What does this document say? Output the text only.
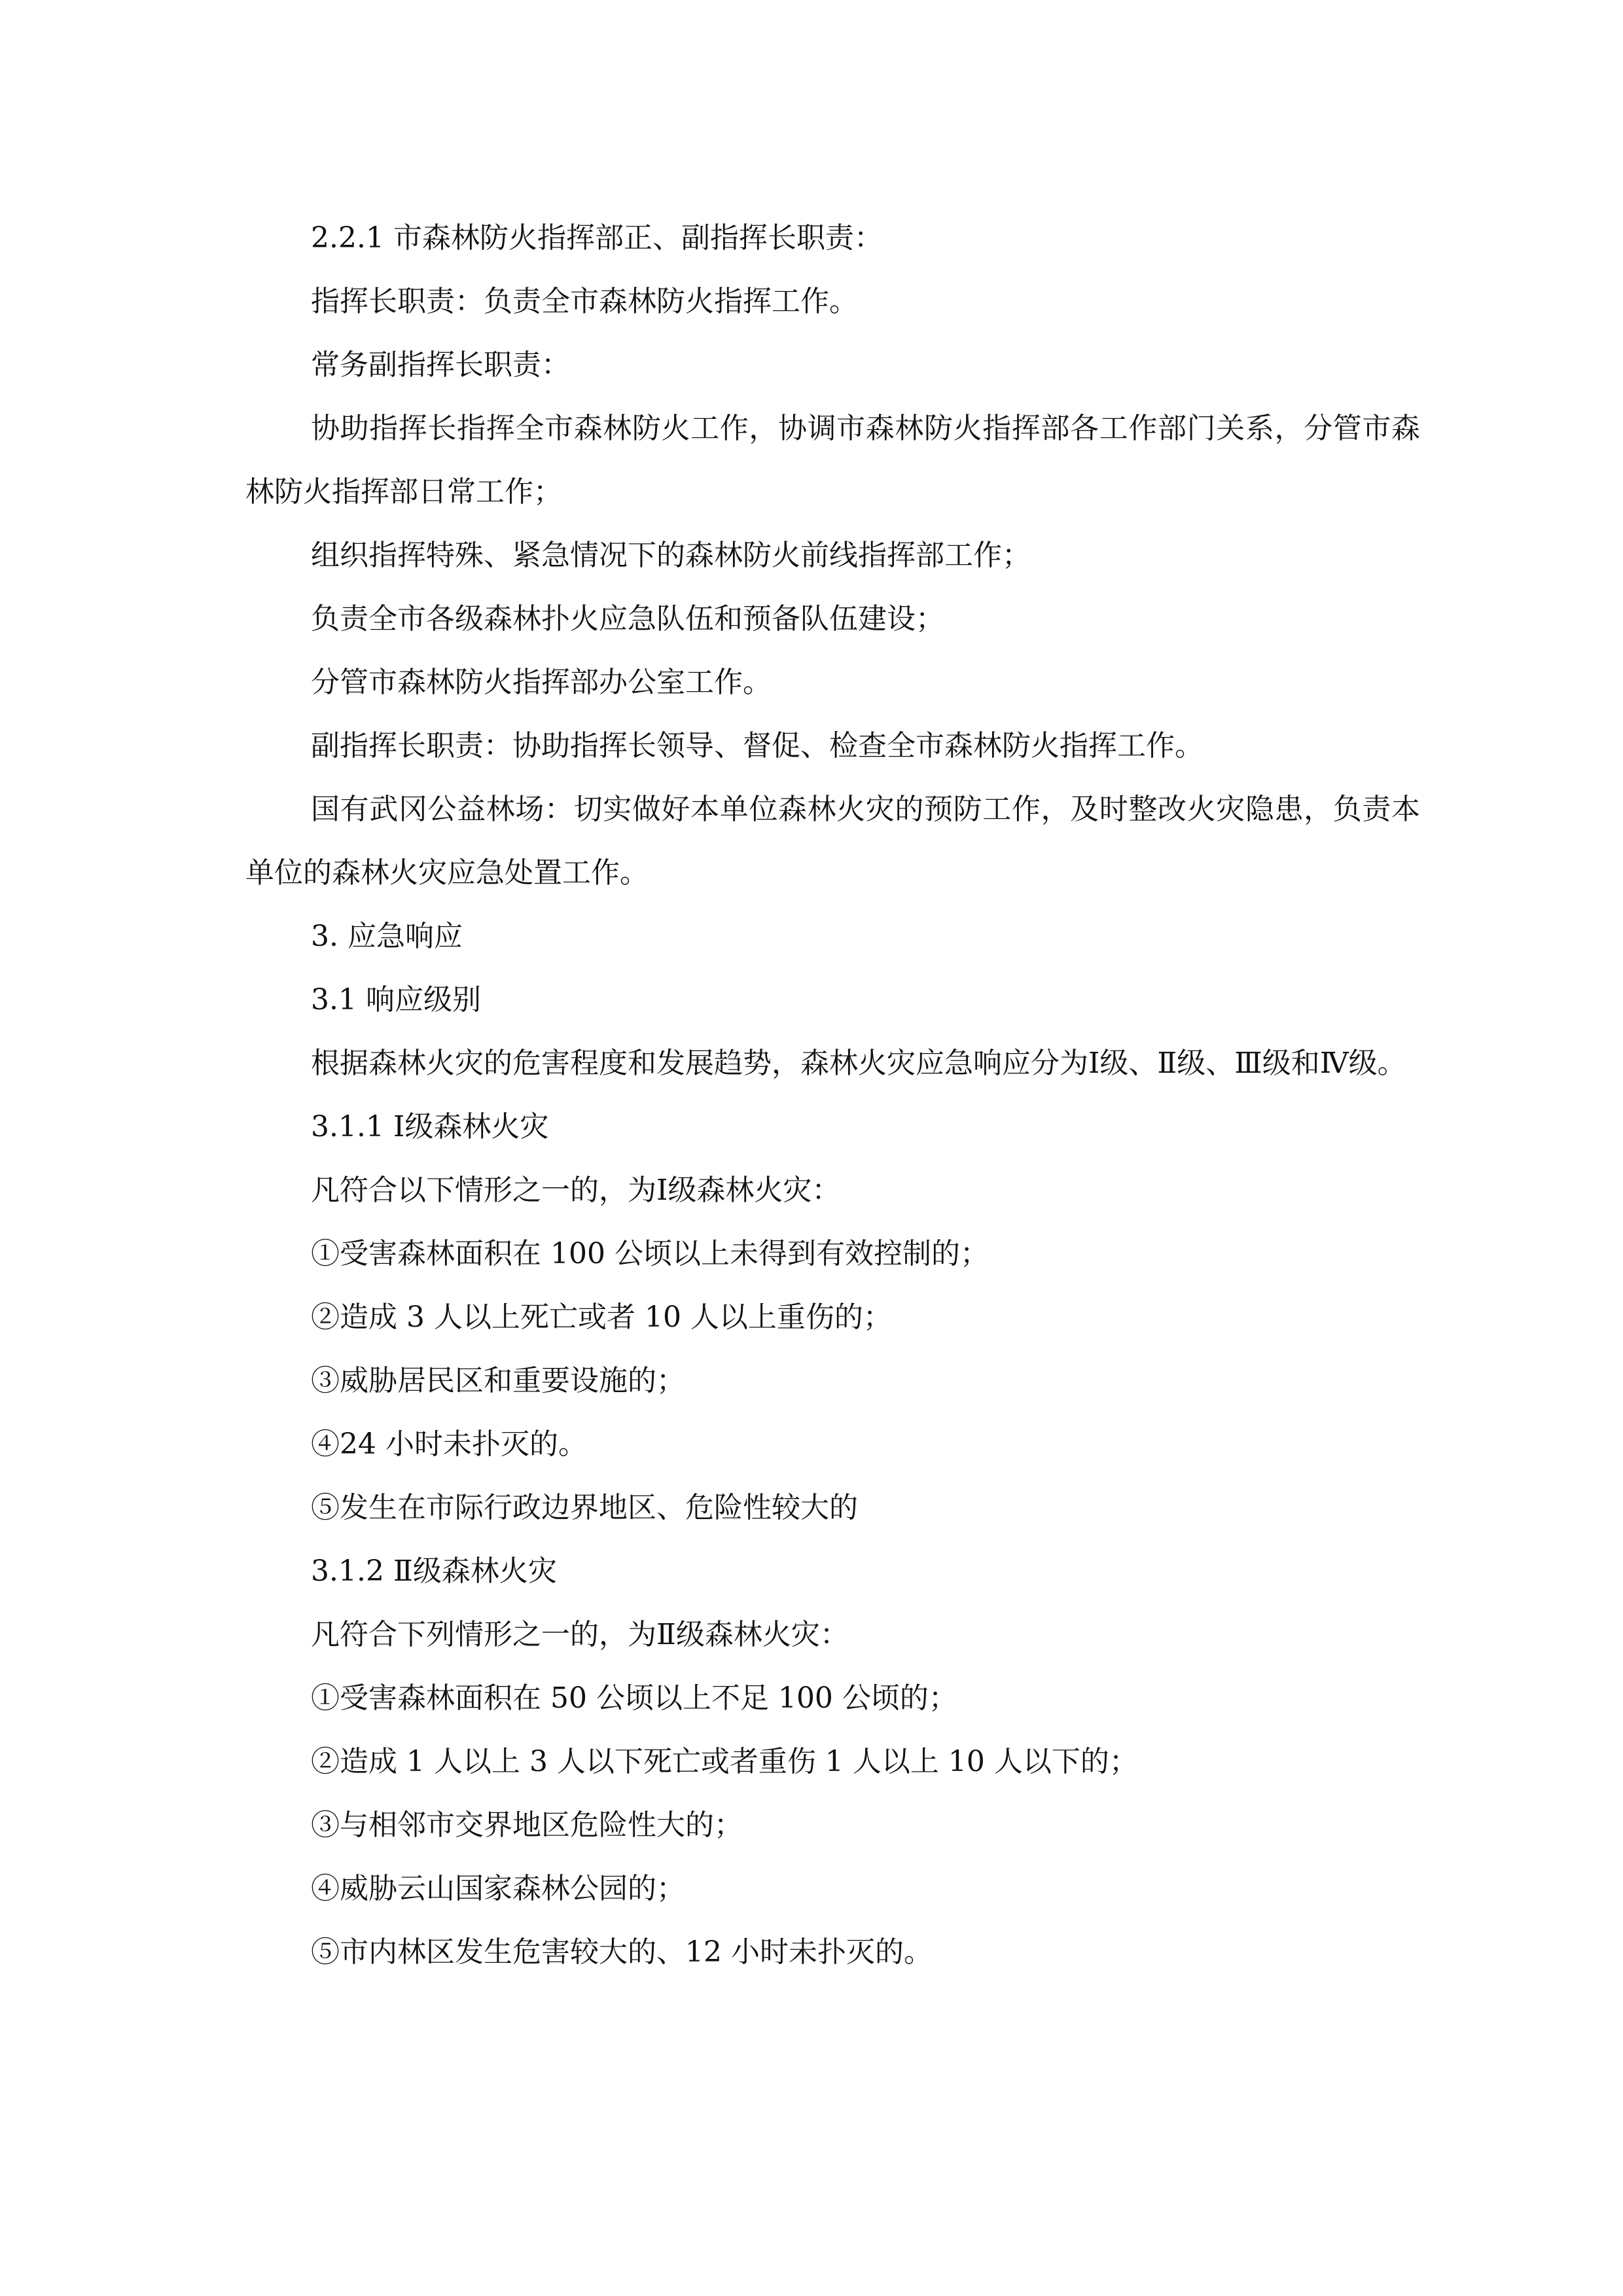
2.2.1 市森林防火指挥部正、副指挥长职责：

指挥长职责：负责全市森林防火指挥工作。

常务副指挥长职责：

协助指挥长指挥全市森林防火工作，协调市森林防火指挥部各工作部门关系，分管市森林防火指挥部日常工作；

组织指挥特殊、紧急情况下的森林防火前线指挥部工作；

负责全市各级森林扑火应急队伍和预备队伍建设；

分管市森林防火指挥部办公室工作。

副指挥长职责：协助指挥长领导、督促、检查全市森林防火指挥工作。

国有武冈公益林场：切实做好本单位森林火灾的预防工作，及时整改火灾隐患，负责本单位的森林火灾应急处置工作。

3. 应急响应

3.1 响应级别

根据森林火灾的危害程度和发展趋势，森林火灾应急响应分为Ⅰ级、Ⅱ级、Ⅲ级和Ⅳ级。

3.1.1 Ⅰ级森林火灾

凡符合以下情形之一的，为Ⅰ级森林火灾：

①受害森林面积在 100 公顷以上未得到有效控制的；

②造成 3 人以上死亡或者 10 人以上重伤的；

③威胁居民区和重要设施的；

④24 小时未扑灭的。

⑤发生在市际行政边界地区、危险性较大的

3.1.2 Ⅱ级森林火灾

凡符合下列情形之一的，为Ⅱ级森林火灾：

①受害森林面积在 50 公顷以上不足 100 公顷的；

②造成 1 人以上 3 人以下死亡或者重伤 1 人以上 10 人以下的；

③与相邻市交界地区危险性大的；

④威胁云山国家森林公园的；

⑤市内林区发生危害较大的、12 小时未扑灭的。
